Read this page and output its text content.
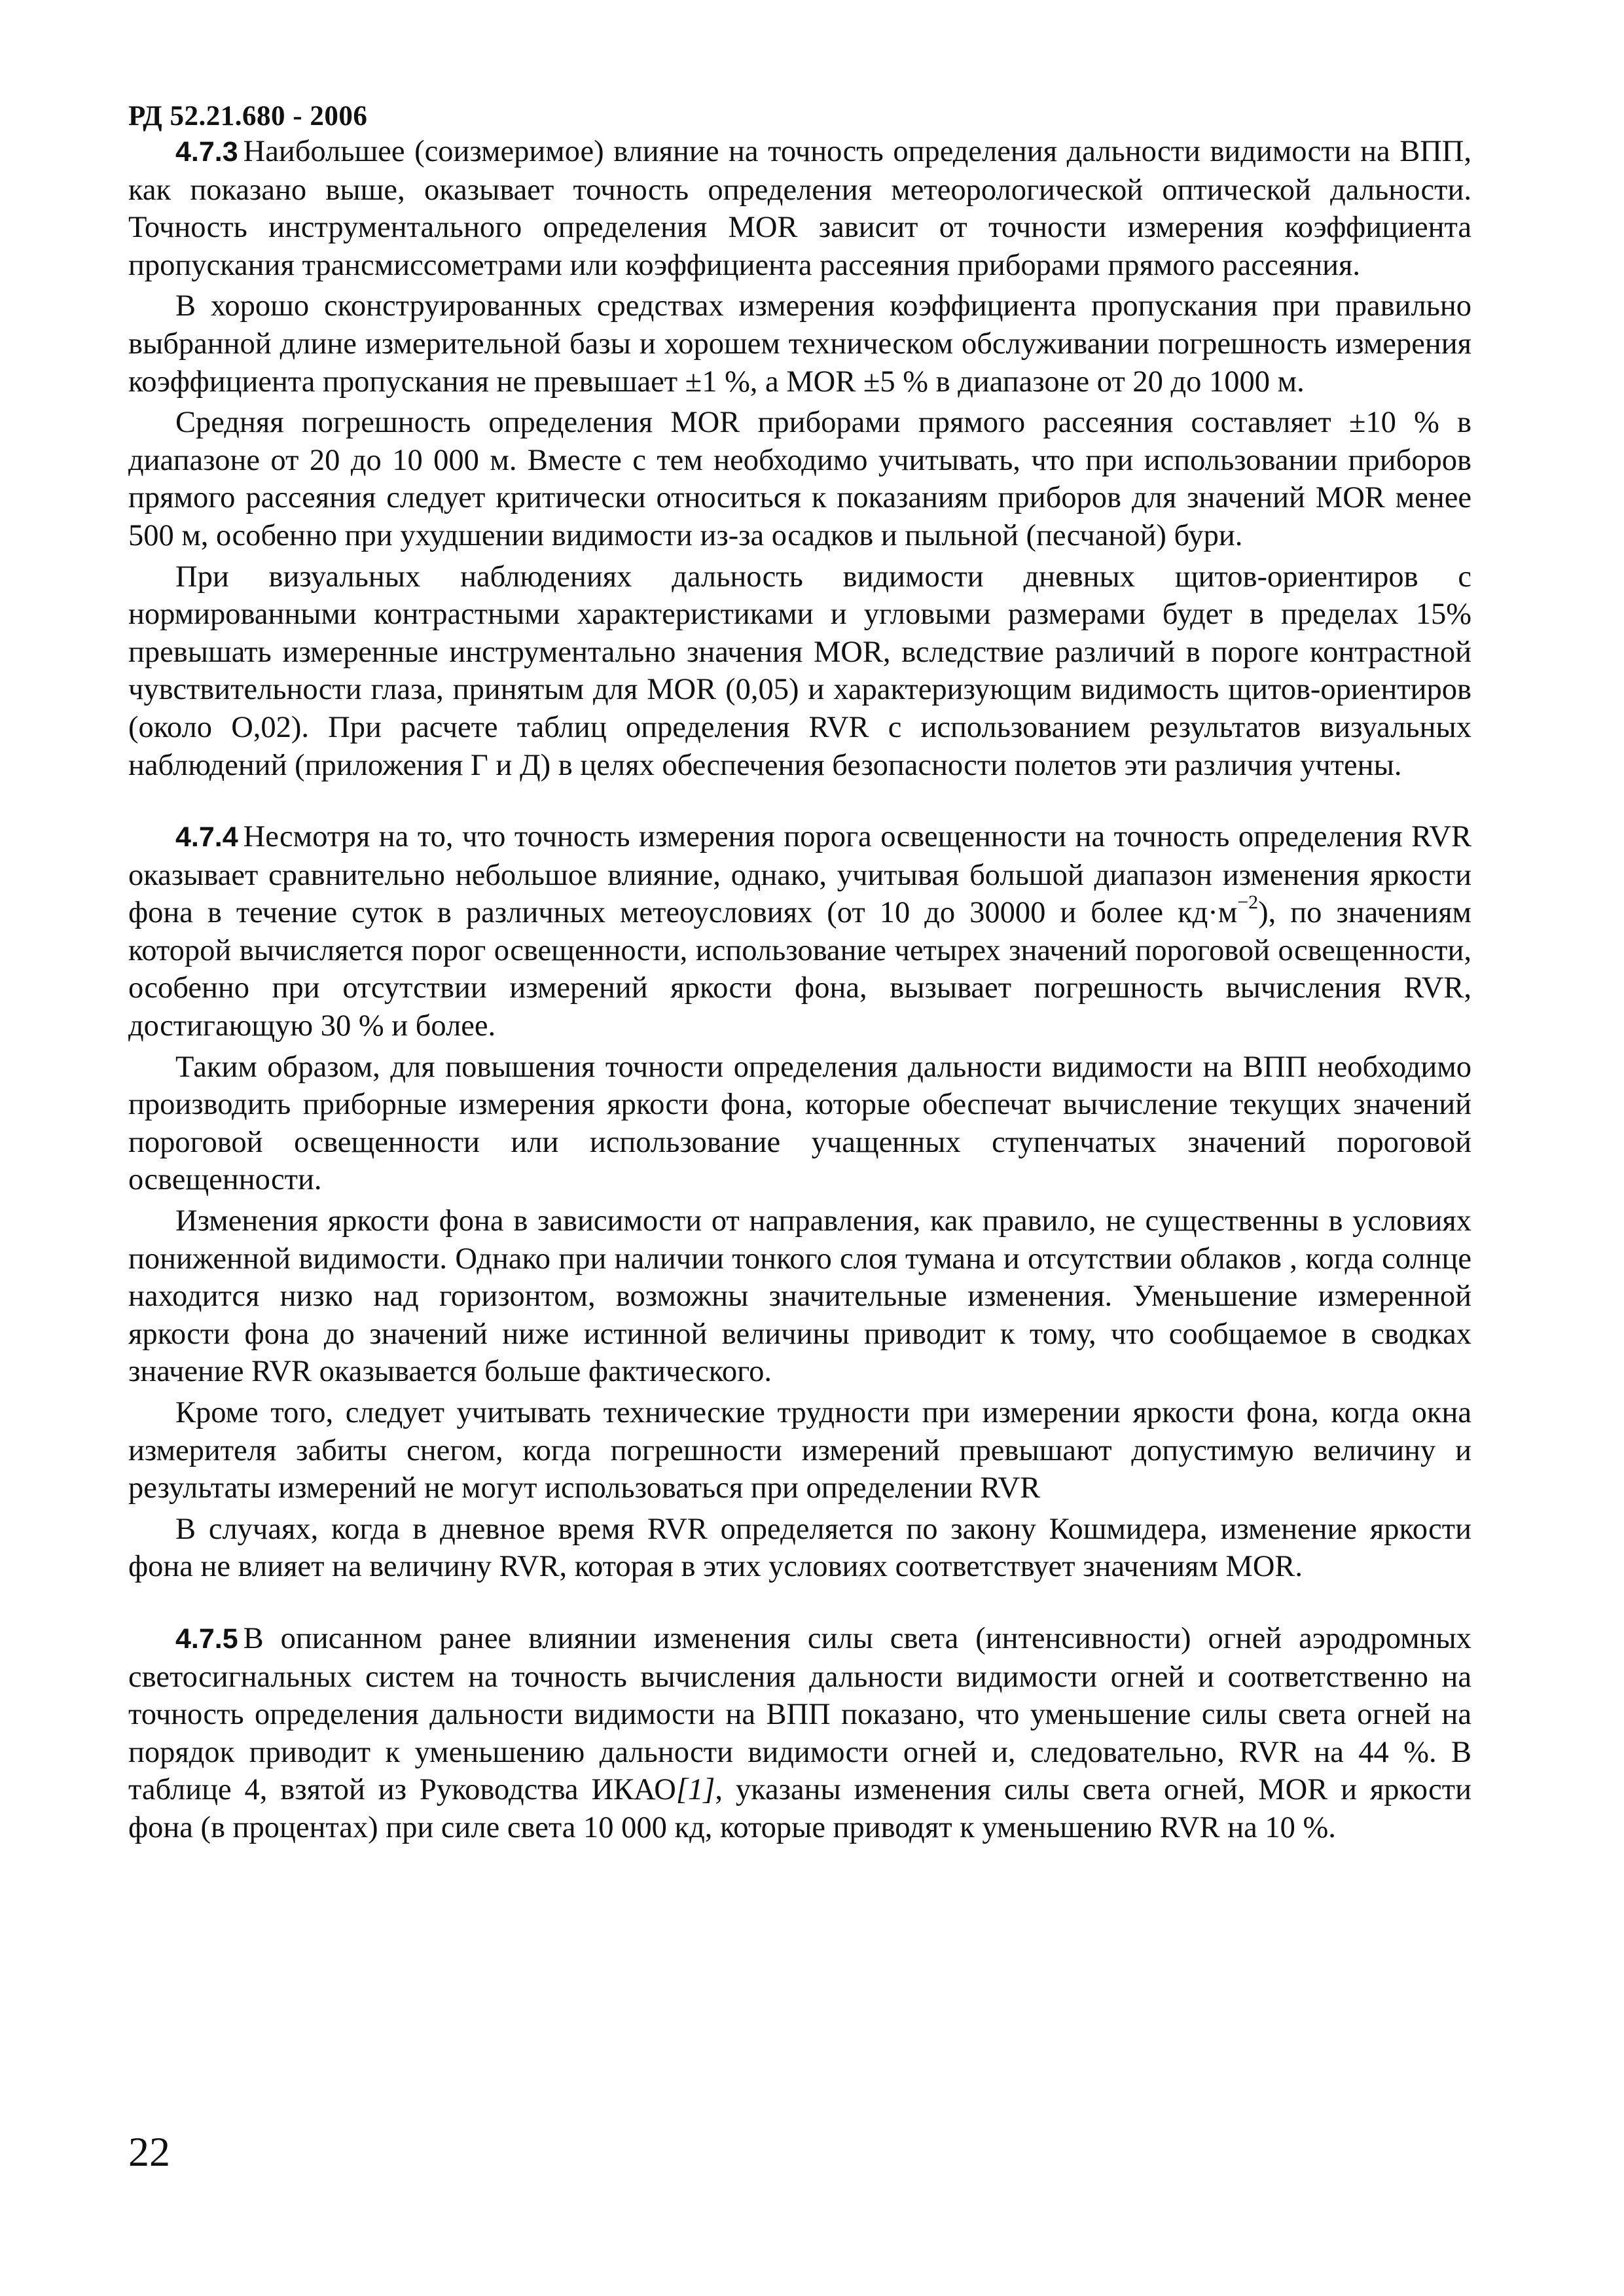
РД 52.21.680 - 2006

4.7.3 Наибольшее (соизмеримое) влияние на точность определения дальности видимости на ВПП, как показано выше, оказывает точность определения метеорологической оптической дальности. Точность инструментального определения MOR зависит от точности измерения коэффициента пропускания трансмиссометрами или коэффициента рассеяния приборами прямого рассеяния.

В хорошо сконструированных средствах измерения коэффициента пропускания при правильно выбранной длине измерительной базы и хорошем техническом обслуживании погрешность измерения коэффициента пропускания не превышает ±1 %, а MOR ±5 % в диапазоне от 20 до 1000 м.

Средняя погрешность определения MOR приборами прямого рассеяния составляет ±10 % в диапазоне от 20 до 10 000 м. Вместе с тем необходимо учитывать, что при использовании приборов прямого рассеяния следует критически относиться к показаниям приборов для значений MOR менее 500 м, особенно при ухудшении видимости из-за осадков и пыльной (песчаной) бури.

При визуальных наблюдениях дальность видимости дневных щитов-ориентиров с нормированными контрастными характеристиками и угловыми размерами будет в пределах 15% превышать измеренные инструментально значения MOR, вследствие различий в пороге контрастной чувствительности глаза, принятым для MOR (0,05) и характеризующим видимость щитов-ориентиров (около О,02). При расчете таблиц определения RVR с использованием результатов визуальных наблюдений (приложения Г и Д) в целях обеспечения безопасности полетов эти различия учтены.

4.7.4 Несмотря на то, что точность измерения порога освещенности на точность определения RVR оказывает сравнительно небольшое влияние, однако, учитывая большой диапазон изменения яркости фона в течение суток в различных метеоусловиях (от 10 до 30000 и более $кд\cdot м^{-2}$), по значениям которой вычисляется порог освещенности, использование четырех значений пороговой освещенности, особенно при отсутствии измерений яркости фона, вызывает погрешность вычисления RVR, достигающую 30 % и более.

Таким образом, для повышения точности определения дальности видимости на ВПП необходимо производить приборные измерения яркости фона, которые обеспечат вычисление текущих значений пороговой освещенности или использование учащенных ступенчатых значений пороговой освещенности.

Изменения яркости фона в зависимости от направления, как правило, не существенны в условиях пониженной видимости. Однако при наличии тонкого слоя тумана и отсутствии облаков , когда солнце находится низко над горизонтом, возможны значительные изменения. Уменьшение измеренной яркости фона до значений ниже истинной величины приводит к тому, что сообщаемое в сводках значение RVR оказывается больше фактического.

Кроме того, следует учитывать технические трудности при измерении яркости фона, когда окна измерителя забиты снегом, когда погрешности измерений превышают допустимую величину и результаты измерений не могут использоваться при определении RVR

В случаях, когда в дневное время RVR определяется по закону Кошмидера, изменение яркости фона не влияет на величину RVR, которая в этих условиях соответствует значениям MOR.

4.7.5 В описанном ранее влиянии изменения силы света (интенсивности) огней аэродромных светосигнальных систем на точность вычисления дальности видимости огней и соответственно на точность определения дальности видимости на ВПП показано, что уменьшение силы света огней на порядок приводит к уменьшению дальности видимости огней и, следовательно, RVR на 44 %. В таблице 4, взятой из Руководства ИКАО[1], указаны изменения силы света огней, MOR и яркости фона (в процентах) при силе света 10 000 кд, которые приводят к уменьшению RVR на 10 %.

22
